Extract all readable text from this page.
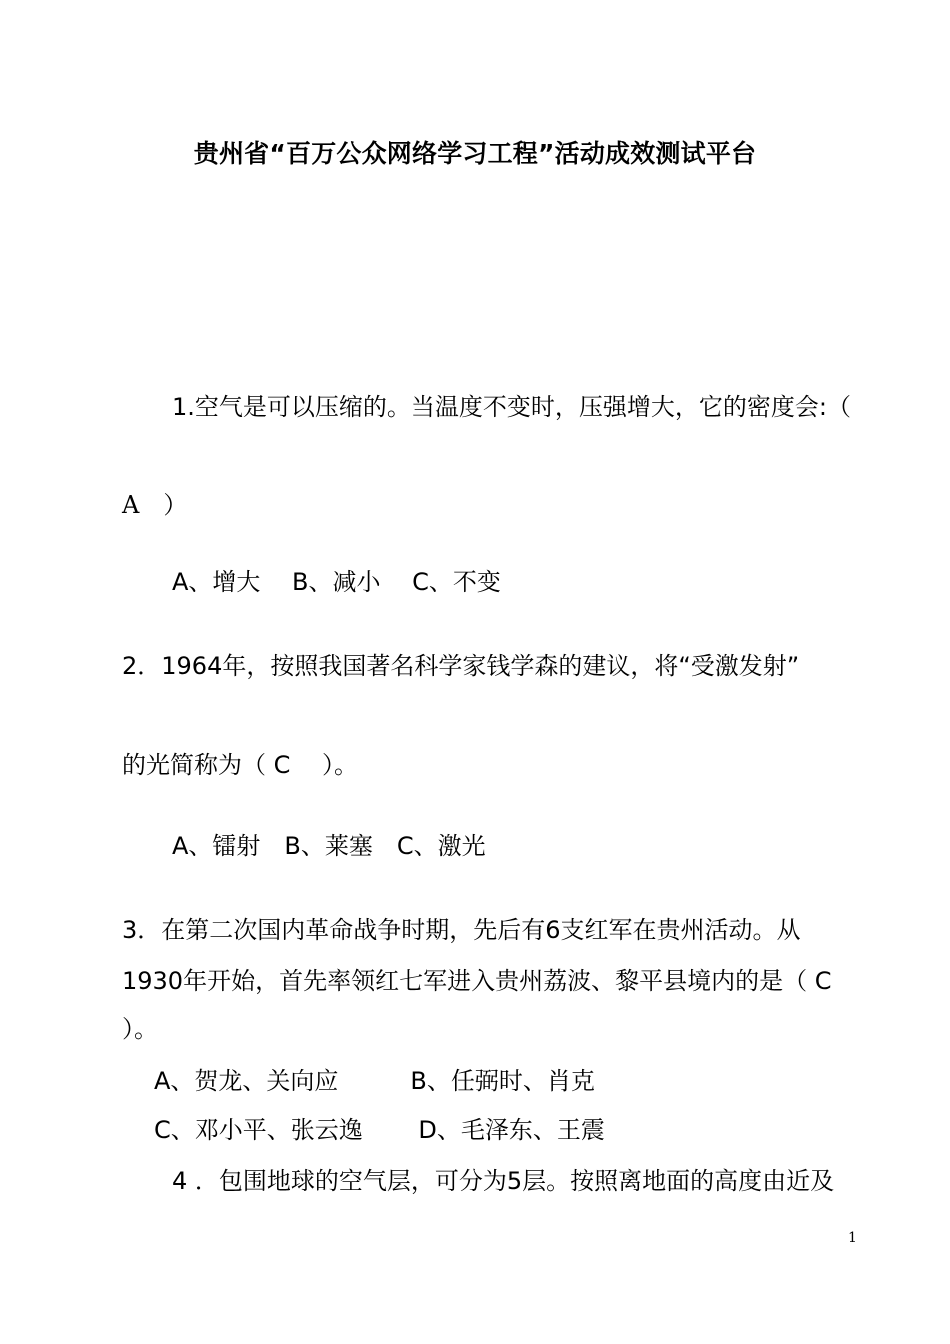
贵州省“百万公众网络学习工程”活动成效测试平台
1.空气是可以压缩的。当温度不变时，压强增大，它的密度会:（
A　）
A、增大　 B、减小　 C、不变
2．1964年，按照我国著名科学家钱学森的建议，将“受激发射”
的光简称为（ C　 ）。
A、镭射　B、莱塞　C、激光
3．在第二次国内革命战争时期，先后有6支红军在贵州活动。从
1930年开始，首先率领红七军进入贵州荔波、黎平县境内的是（ C
）。
A、贺龙、关向应　　　B、任弼时、肖克
C、邓小平、张云逸　　 D、毛泽东、王震
4 ．包围地球的空气层，可分为5层。按照离地面的高度由近及
1
